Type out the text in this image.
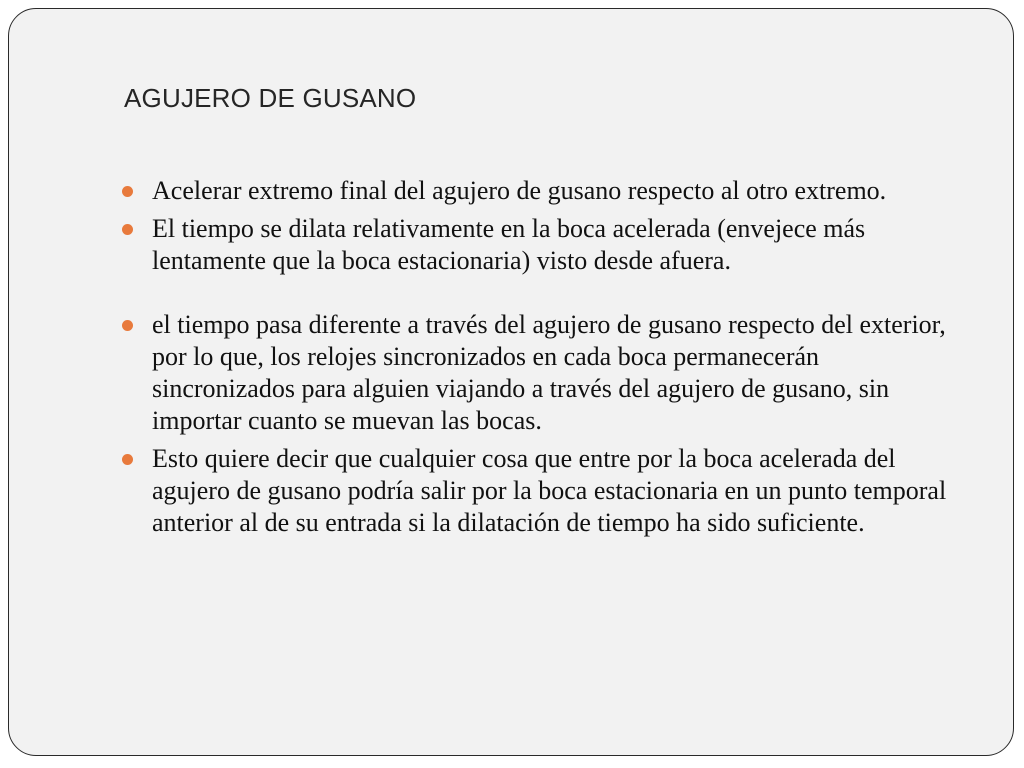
AGUJERO DE GUSANO
Acelerar extremo final del agujero de gusano respecto al otro extremo.
El tiempo se dilata relativamente en la boca acelerada (envejece más lentamente que la boca estacionaria) visto desde afuera.
el tiempo pasa diferente a través del agujero de gusano respecto del exterior, por lo que, los relojes sincronizados en cada boca permanecerán sincronizados para alguien viajando a través del agujero de gusano, sin importar cuanto se muevan las bocas.
Esto quiere decir que cualquier cosa que entre por la boca acelerada del agujero de gusano podría salir por la boca estacionaria en un punto temporal anterior al de su entrada si la dilatación de tiempo ha sido suficiente.
